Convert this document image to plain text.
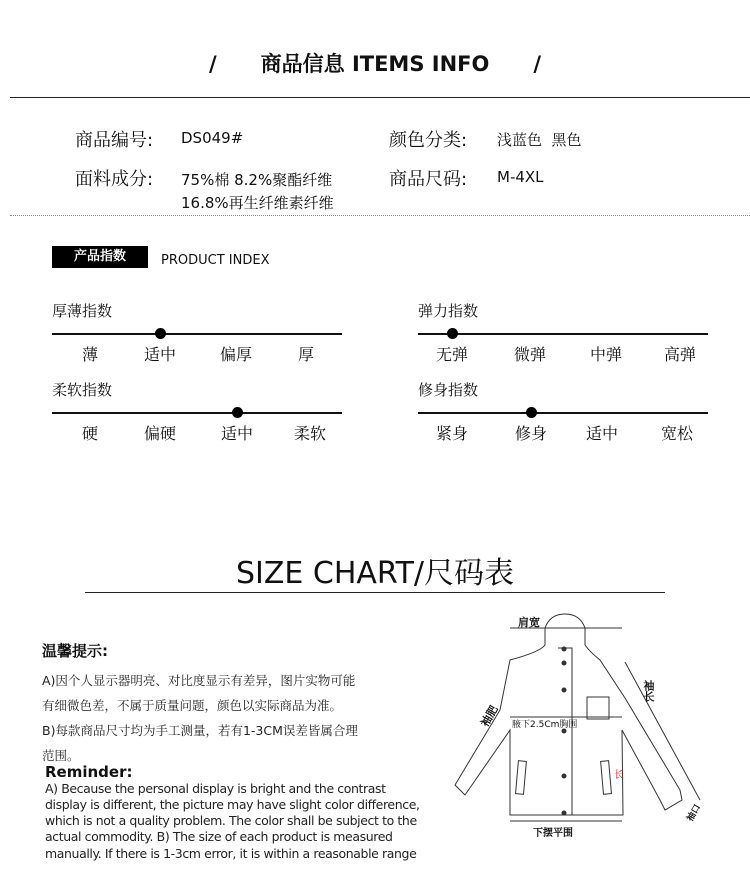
/ 商品信息 ITEMS INFO /
商品编号: DS049#	颜色分类: 浅蓝色  黑色
面料成分: 75%棉 8.2%聚酯纤维
16.8%再生纤维素纤维
商品尺码: M-4XL
产品指数	PRODUCT INDEX
厚薄指数
薄	适中	偏厚	厚
弹力指数
无弹	微弹	中弹	高弹
柔软指数
硬	偏硬	适中	柔软
修身指数
紧身	修身 适中	宽松
SIZE CHART/尺码表
温馨提示:
A)因个人显示器明亮、对比度显示有差异，图片实物可能
有细微色差，不属于质量问题，颜色以实际商品为准。
B)每款商品尺寸均为手工测量，若有1-3CM误差皆属合理
范围。
Reminder:
A) Because the personal display is bright and the contrast
display is different, the picture may have slight color difference,
which is not a quality problem. The color shall be subject to the
actual commodity. B) The size of each product is measured
manually. If there is 1-3cm error, it is within a reasonable range
肩宽
袖长
袖肥 腋下2.5Cm胸围
长
下摆平围
袖口
